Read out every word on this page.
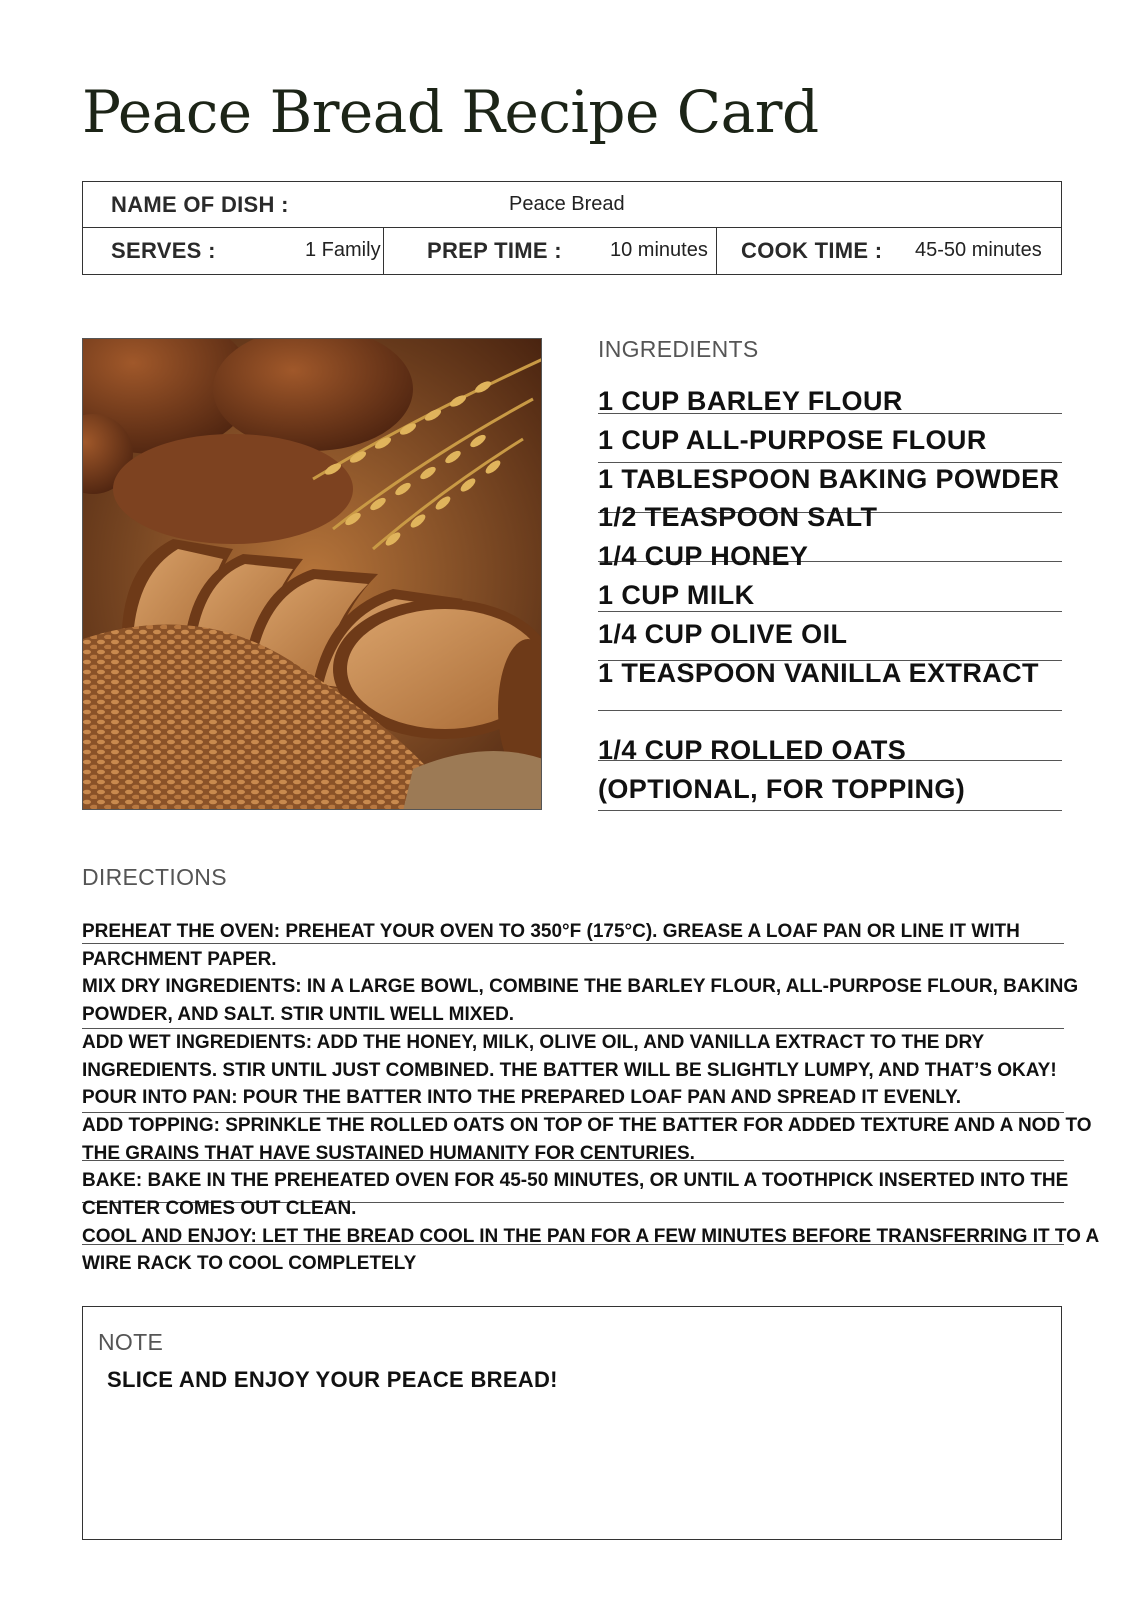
Peace Bread Recipe Card
NAME OF DISH :	Peace Bread
SERVES :	1 Family PREP TIME : 10 minutes COOK TIME : 45-50 minutes
INGREDIENTS
1 CUP BARLEY FLOUR
1 CUP ALL-PURPOSE FLOUR
1 TABLESPOON BAKING POWDER
1/2 TEASPOON SALT
1/4 CUP HONEY
1 CUP MILK
1/4 CUP OLIVE OIL
1 TEASPOON VANILLA EXTRACT
1/4 CUP ROLLED OATS
(OPTIONAL, FOR TOPPING)
DIRECTIONS
PREHEAT THE OVEN: PREHEAT YOUR OVEN TO 350°F (175°C). GREASE A LOAF PAN OR LINE IT WITH PARCHMENT PAPER.
MIX DRY INGREDIENTS: IN A LARGE BOWL, COMBINE THE BARLEY FLOUR, ALL-PURPOSE FLOUR, BAKING POWDER, AND SALT. STIR UNTIL WELL MIXED.
ADD WET INGREDIENTS: ADD THE HONEY, MILK, OLIVE OIL, AND VANILLA EXTRACT TO THE DRY INGREDIENTS. STIR UNTIL JUST COMBINED. THE BATTER WILL BE SLIGHTLY LUMPY, AND THAT’S OKAY!
POUR INTO PAN: POUR THE BATTER INTO THE PREPARED LOAF PAN AND SPREAD IT EVENLY.
ADD TOPPING: SPRINKLE THE ROLLED OATS ON TOP OF THE BATTER FOR ADDED TEXTURE AND A NOD TO THE GRAINS THAT HAVE SUSTAINED HUMANITY FOR CENTURIES.
BAKE: BAKE IN THE PREHEATED OVEN FOR 45-50 MINUTES, OR UNTIL A TOOTHPICK INSERTED INTO THE CENTER COMES OUT CLEAN.
COOL AND ENJOY: LET THE BREAD COOL IN THE PAN FOR A FEW MINUTES BEFORE TRANSFERRING IT TO A WIRE RACK TO COOL COMPLETELY
NOTE
SLICE AND ENJOY YOUR PEACE BREAD!
